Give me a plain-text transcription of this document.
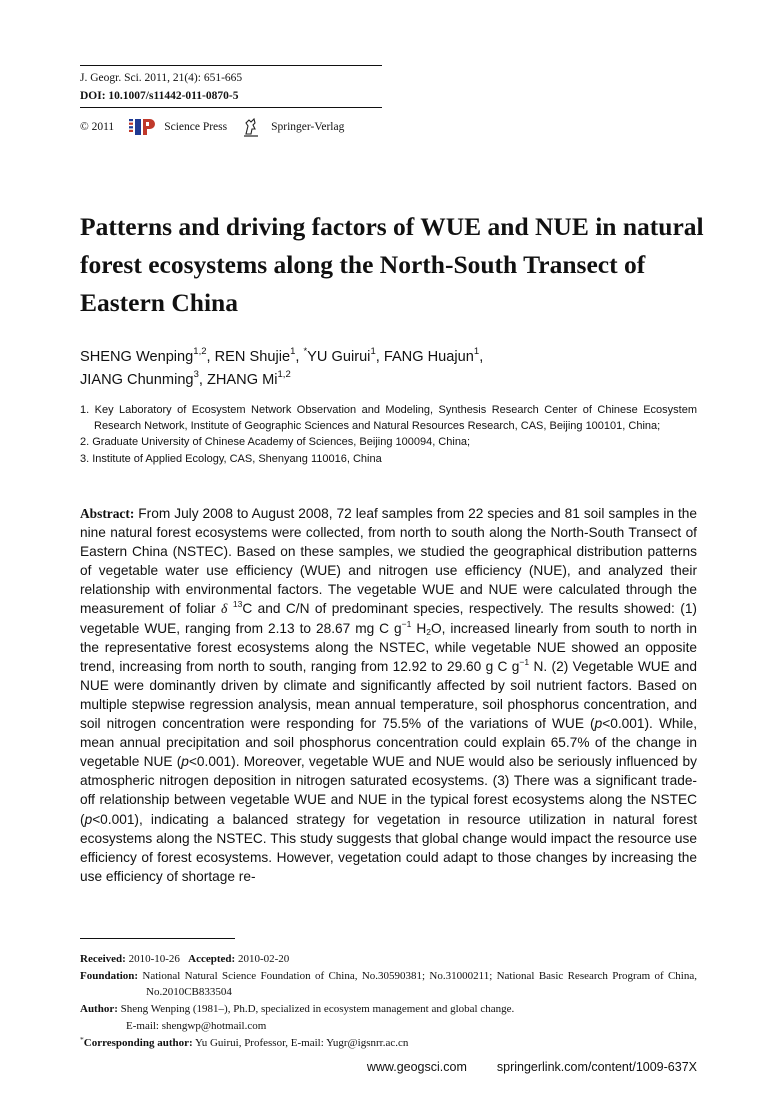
J. Geogr. Sci. 2011, 21(4): 651-665
DOI: 10.1007/s11442-011-0870-5
© 2011	Science Press	Springer-Verlag
Patterns and driving factors of WUE and NUE in natural forest ecosystems along the North-South Transect of Eastern China

SHENG Wenping$^{1,2}$, REN Shujie$^1$, *YU Guirui$^1$, FANG Huajun$^1$,
JIANG Chunming$^3$, ZHANG Mi$^{1,2}$

1. Key Laboratory of Ecosystem Network Observation and Modeling, Synthesis Research Center of Chinese Ecosystem Research Network, Institute of Geographic Sciences and Natural Resources Research, CAS, Beijing 100101, China;
2. Graduate University of Chinese Academy of Sciences, Beijing 100094, China;
3. Institute of Applied Ecology, CAS, Shenyang 110016, China

Abstract: From July 2008 to August 2008, 72 leaf samples from 22 species and 81 soil samples in the nine natural forest ecosystems were collected, from north to south along the North-South Transect of Eastern China (NSTEC). Based on these samples, we studied the geographical distribution patterns of vegetable water use efficiency (WUE) and nitrogen use efficiency (NUE), and analyzed their relationship with environmental factors. The vegetable WUE and NUE were calculated through the measurement of foliar δ $^{13}$C and C/N of predominant species, respectively. The results showed: (1) vegetable WUE, ranging from 2.13 to 28.67 mg C $g^{-1}$ $H_2O$, increased linearly from south to north in the representative forest ecosystems along the NSTEC, while vegetable NUE showed an opposite trend, increasing from north to south, ranging from 12.92 to 29.60 g C $g^{-1}$ N. (2) Vegetable WUE and NUE were dominantly driven by climate and significantly affected by soil nutrient factors. Based on multiple stepwise regression analysis, mean annual temperature, soil phosphorus concentration, and soil nitrogen concentration were responding for 75.5% of the variations of WUE (p<0.001). While, mean annual precipitation and soil phosphorus concentration could explain 65.7% of the change in vegetable NUE (p<0.001). Moreover, vegetable WUE and NUE would also be seriously influenced by atmospheric nitrogen deposition in nitrogen saturated ecosystems. (3) There was a significant trade-off relationship between vegetable WUE and NUE in the typical forest ecosystems along the NSTEC (p<0.001), indicating a balanced strategy for vegetation in resource utilization in natural forest ecosystems along the NSTEC. This study suggests that global change would impact the resource use efficiency of forest ecosystems. However, vegetation could adapt to those changes by increasing the use efficiency of shortage re-

Received: 2010-10-26 Accepted: 2010-02-20

Foundation: National Natural Science Foundation of China, No.30590381; No.31000211; National Basic Research Program of China, No.2010CB833504

Author: Sheng Wenping (1981–), Ph.D, specialized in ecosystem management and global change.

E-mail: shengwp@hotmail.com

*Corresponding author: Yu Guirui, Professor, E-mail: Yugr@igsnrr.ac.cn

www.geogsci.com springerlink.com/content/1009-637X
